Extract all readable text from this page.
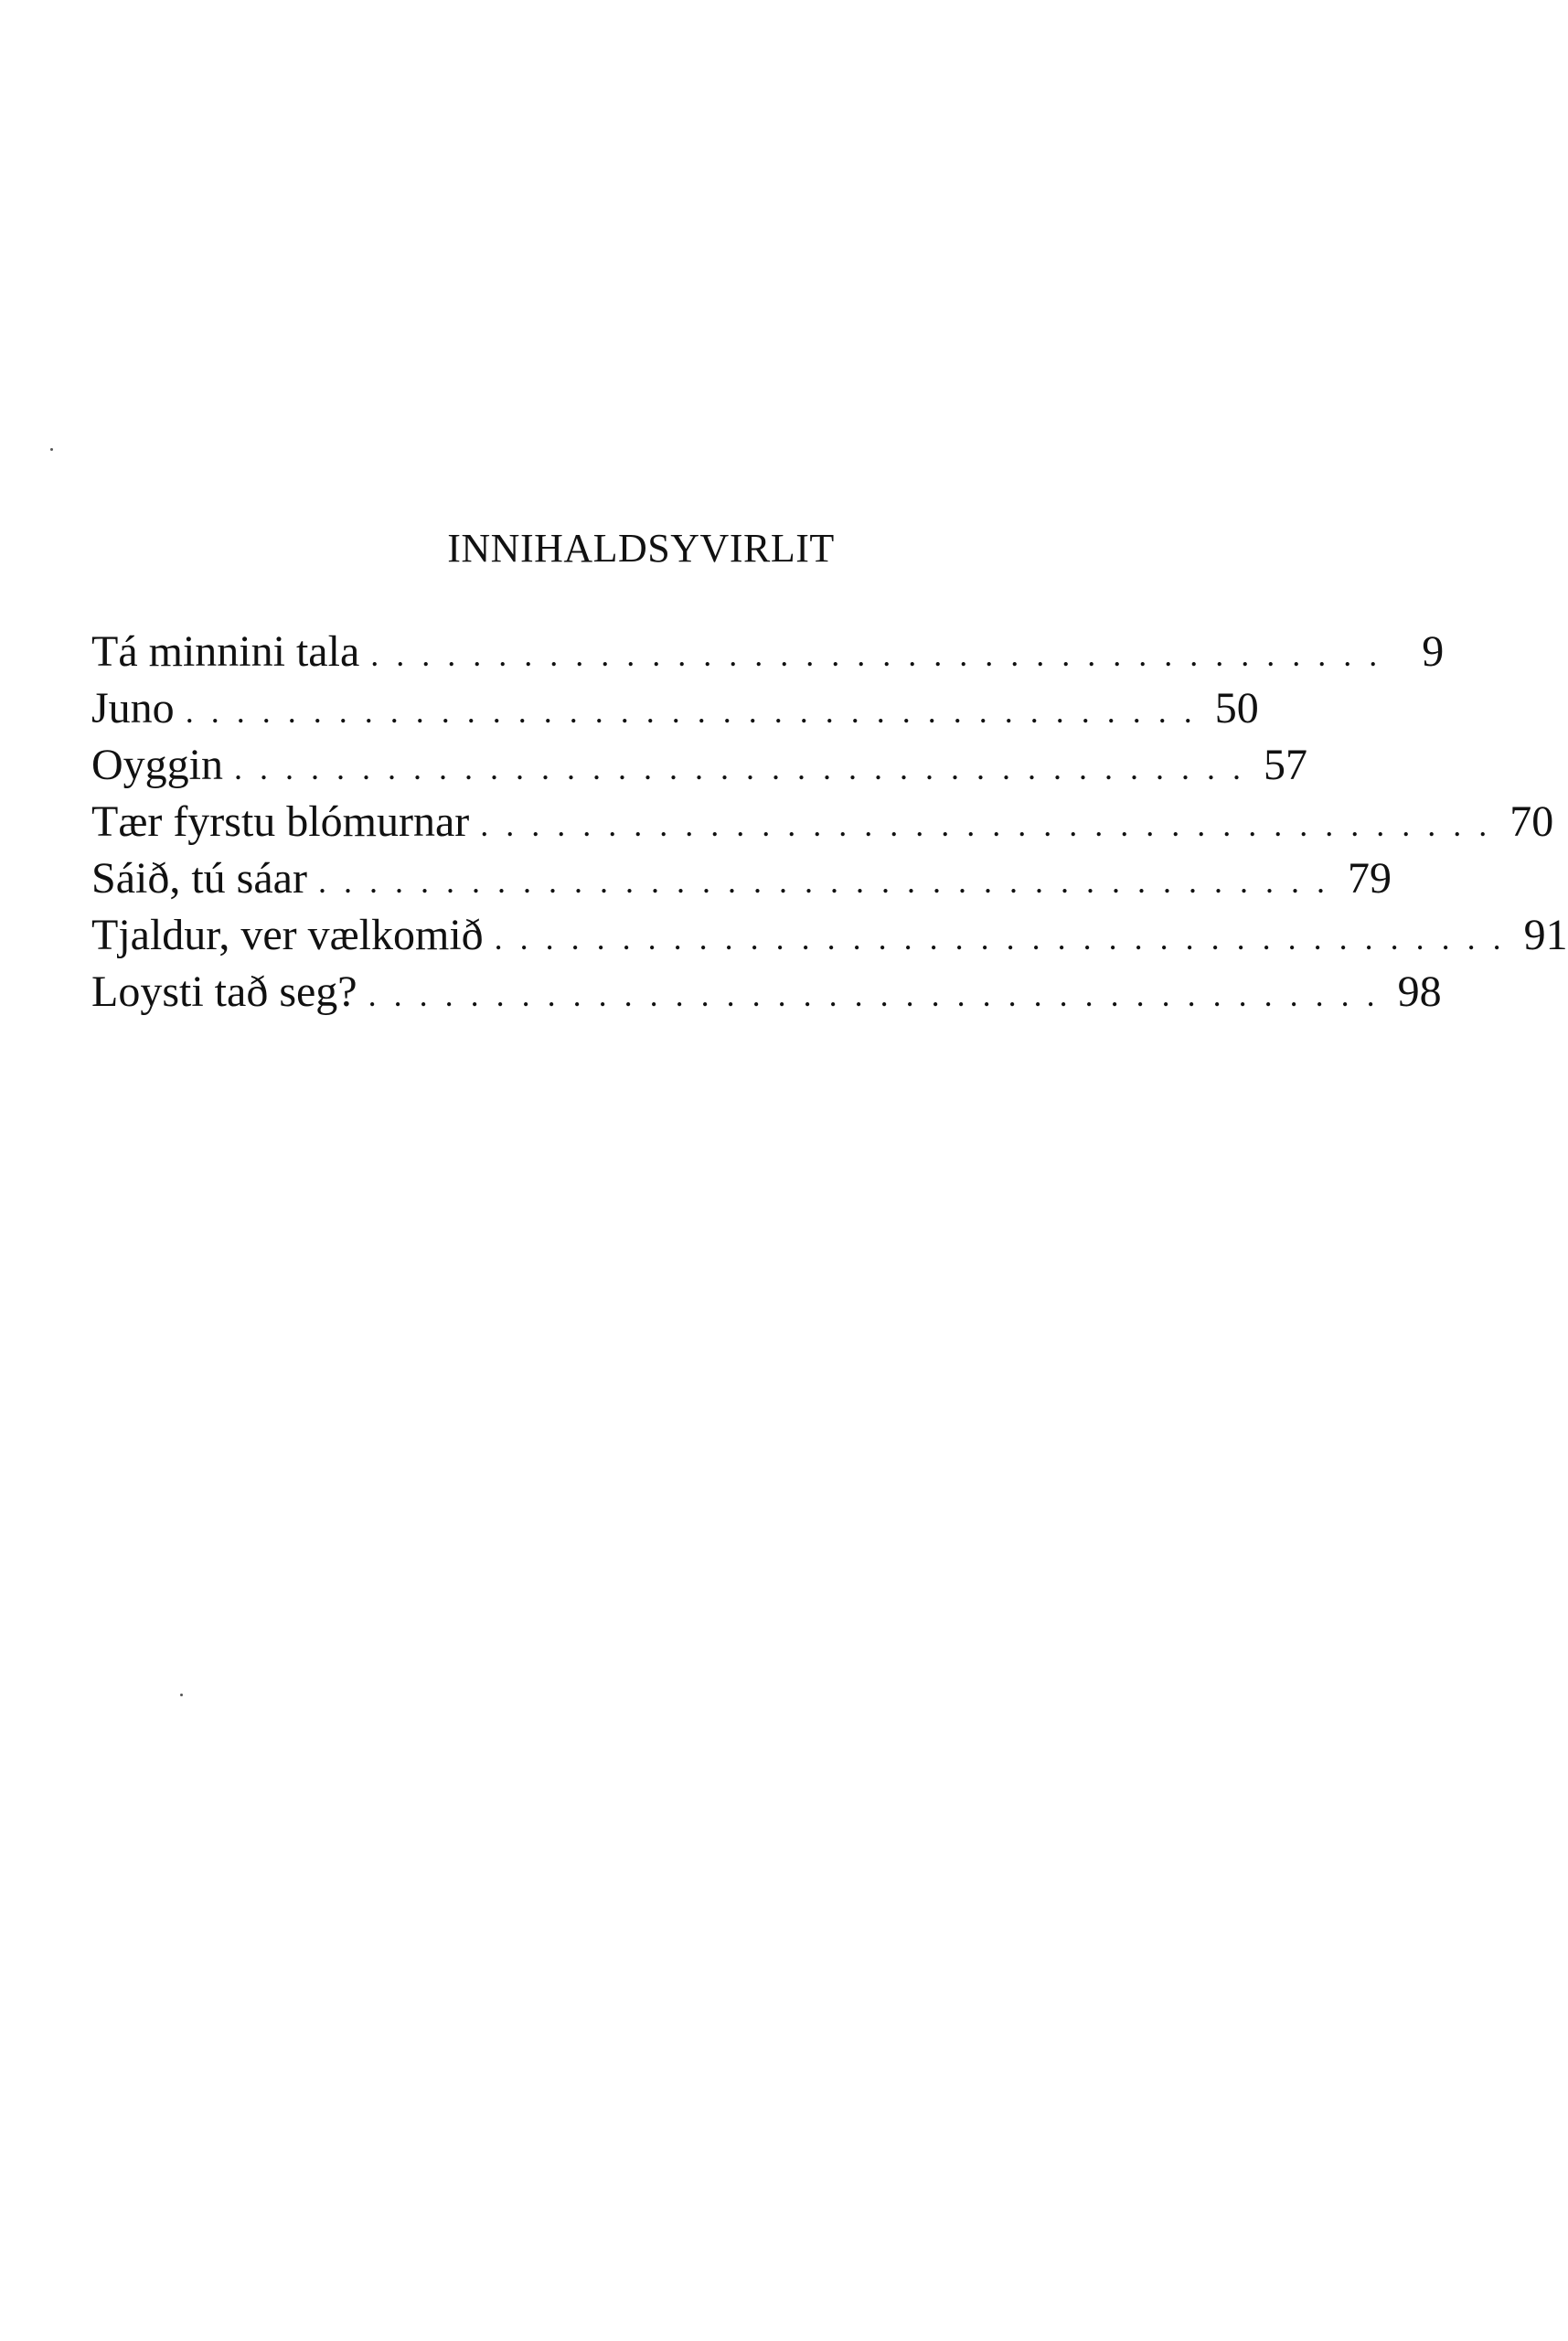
INNIHALDSYVIRLIT
Tá minnini tala . . . . . . . . . . . . . . . . . . . . . . . . . . . . . . . . . . . . . . . . 9
Juno . . . . . . . . . . . . . . . . . . . . . . . . . . . . . . . . . . . . . . . . 50
Oyggin . . . . . . . . . . . . . . . . . . . . . . . . . . . . . . . . . . . . . . . . 57
Tær fyrstu blómurnar . . . . . . . . . . . . . . . . . . . . . . . . . . . . . . . . . . . . . . . . 70
Sáið, tú sáar . . . . . . . . . . . . . . . . . . . . . . . . . . . . . . . . . . . . . . . . 79
Tjaldur, ver vælkomið . . . . . . . . . . . . . . . . . . . . . . . . . . . . . . . . . . . . . . . . 91
Loysti tað seg? . . . . . . . . . . . . . . . . . . . . . . . . . . . . . . . . . . . . . . . . 98
